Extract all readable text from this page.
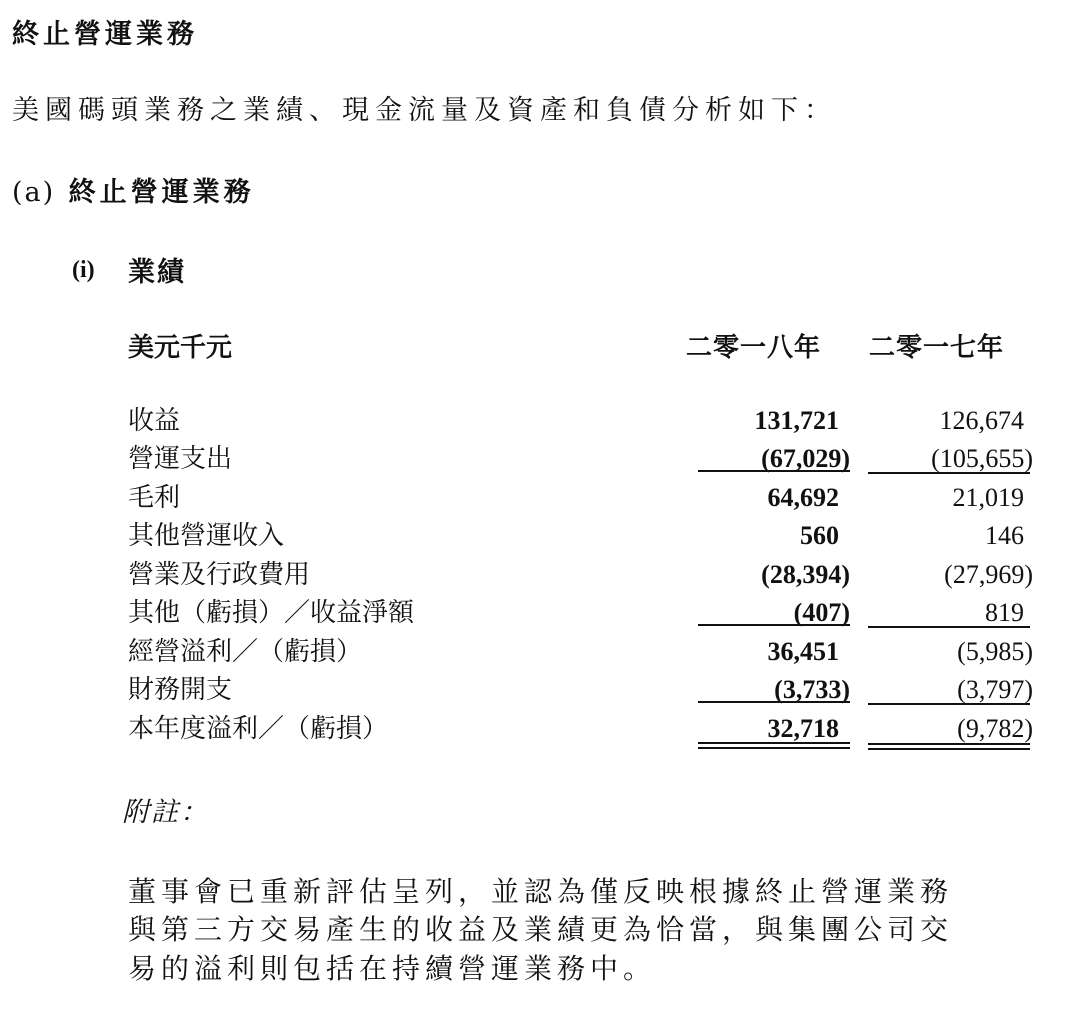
終止營運業務
美國碼頭業務之業績、現金流量及資產和負債分析如下：
(a) 終止營運業務
(i) 業績
美元千元	二零一八年 二零一七年
收益	131,721	126,674
營運支出	(67,029)	(105,655)
毛利	64,692	21,019
其他營運收入	560	146
營業及行政費用	(28,394)	(27,969)
其他（虧損）／收益淨額	(407)	819
經營溢利／（虧損）	36,451	(5,985)
財務開支	(3,733)	(3,797)
本年度溢利／（虧損）	32,718	(9,782)
附註：
董事會已重新評估呈列，並認為僅反映根據終止營運業務
與第三方交易產生的收益及業績更為恰當，與集團公司交
易的溢利則包括在持續營運業務中。
